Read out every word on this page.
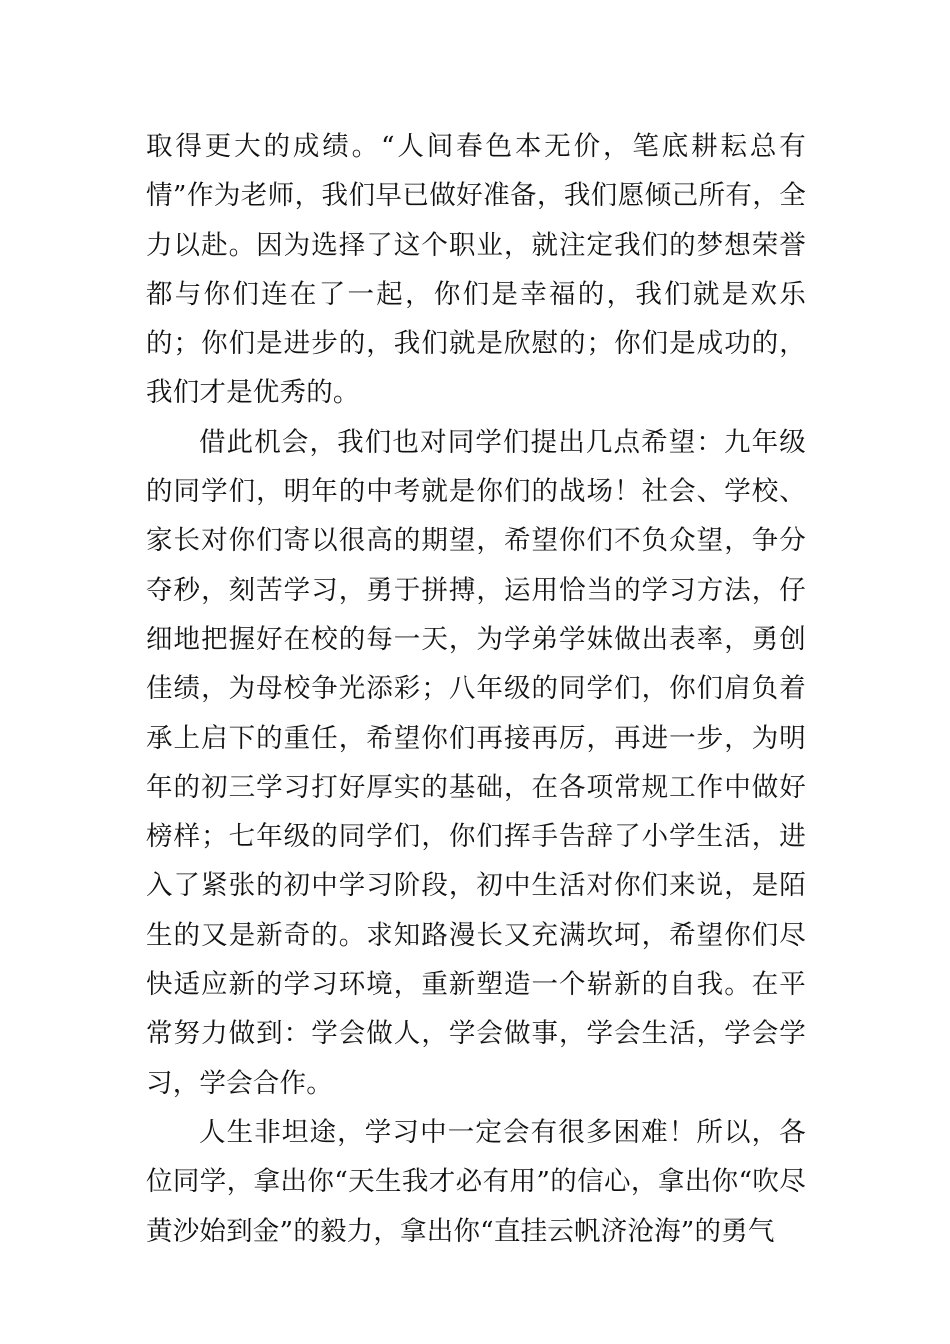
取得更大的成绩。“人间春色本无价，笔底耕耘总有情”作为老师，我们早已做好准备，我们愿倾己所有，全力以赴。因为选择了这个职业，就注定我们的梦想荣誉都与你们连在了一起，你们是幸福的，我们就是欢乐的；你们是进步的，我们就是欣慰的；你们是成功的，我们才是优秀的。

借此机会，我们也对同学们提出几点希望：九年级的同学们，明年的中考就是你们的战场！社会、学校、家长对你们寄以很高的期望，希望你们不负众望，争分夺秒，刻苦学习，勇于拼搏，运用恰当的学习方法，仔细地把握好在校的每一天，为学弟学妹做出表率，勇创佳绩，为母校争光添彩；八年级的同学们，你们肩负着承上启下的重任，希望你们再接再厉，再进一步，为明年的初三学习打好厚实的基础，在各项常规工作中做好榜样；七年级的同学们，你们挥手告辞了小学生活，进入了紧张的初中学习阶段，初中生活对你们来说，是陌生的又是新奇的。求知路漫长又充满坎坷，希望你们尽快适应新的学习环境，重新塑造一个崭新的自我。在平常努力做到：学会做人，学会做事，学会生活，学会学习，学会合作。

人生非坦途，学习中一定会有很多困难！所以，各位同学，拿出你“天生我才必有用”的信心，拿出你“吹尽黄沙始到金”的毅力，拿出你“直挂云帆济沧海”的勇气
